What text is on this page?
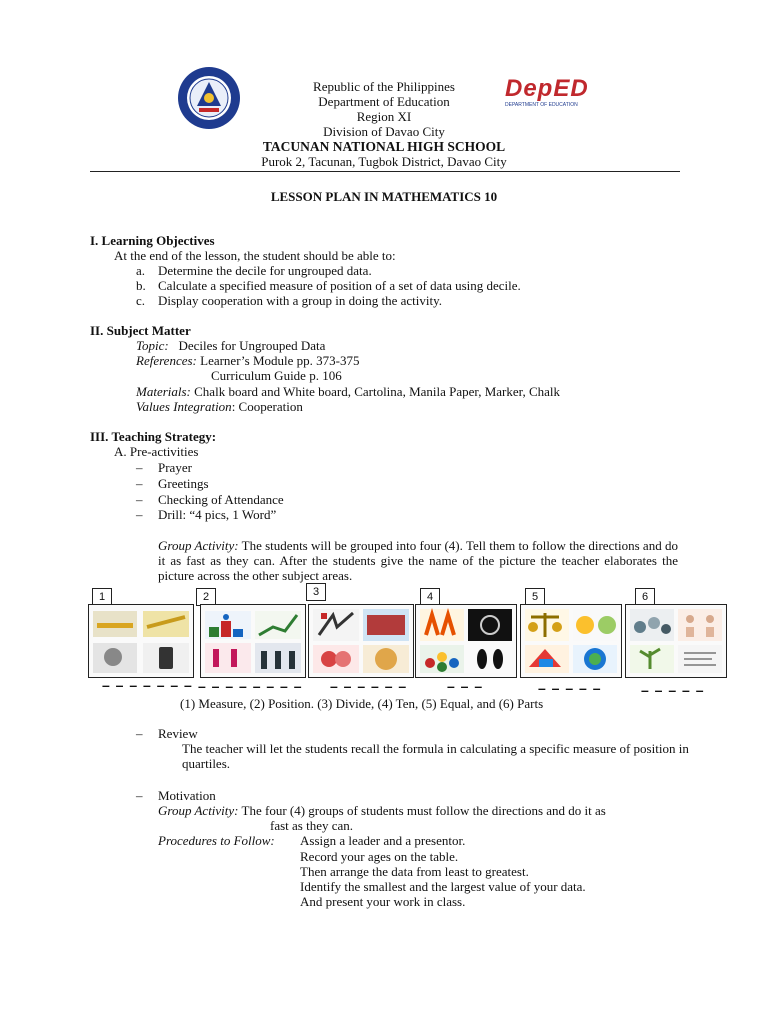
DepED
DEPARTMENT OF EDUCATION
Republic of the Philippines
Department of Education
Region XI
Division of Davao City
TACUNAN NATIONAL HIGH SCHOOL
Purok 2, Tacunan, Tugbok District, Davao City
LESSON PLAN IN MATHEMATICS 10
I. Learning Objectives
At the end of the lesson, the student should be able to:
a. Determine the decile for ungrouped data.
b. Calculate a specified measure of position of a set of data using decile.
c. Display cooperation with a group in doing the activity.
II. Subject Matter
Topic: Deciles for Ungrouped Data
References: Learner’s Module pp. 373-375
Curriculum Guide p. 106
Materials: Chalk board and White board, Cartolina, Manila Paper, Marker, Chalk
Values Integration: Cooperation
III. Teaching Strategy:
A. Pre-activities
–	Prayer
–	Greetings
–	Checking of Attendance
–	Drill: “4 pics, 1 Word”
Group Activity: The students will be grouped into four (4). Tell them to follow the directions and do it as fast as they can. After the students give the name of the picture the teacher elaborates the picture across the other subject areas.
1	2	3	4	5	6
– – – – – – – – – – – – – – – – – – – – –	– – –	– – – – –	– – – – –
(1) Measure, (2) Position. (3) Divide, (4) Ten, (5) Equal, and (6) Parts
–	Review
The teacher will let the students recall the formula in calculating a specific measure of position in quartiles.
–	Motivation
Group Activity: The four (4) groups of students must follow the directions and do it as
fast as they can.
Procedures to Follow: Assign a leader and a presentor.
Record your ages on the table.
Then arrange the data from least to greatest.
Identify the smallest and the largest value of your data.
And present your work in class.
